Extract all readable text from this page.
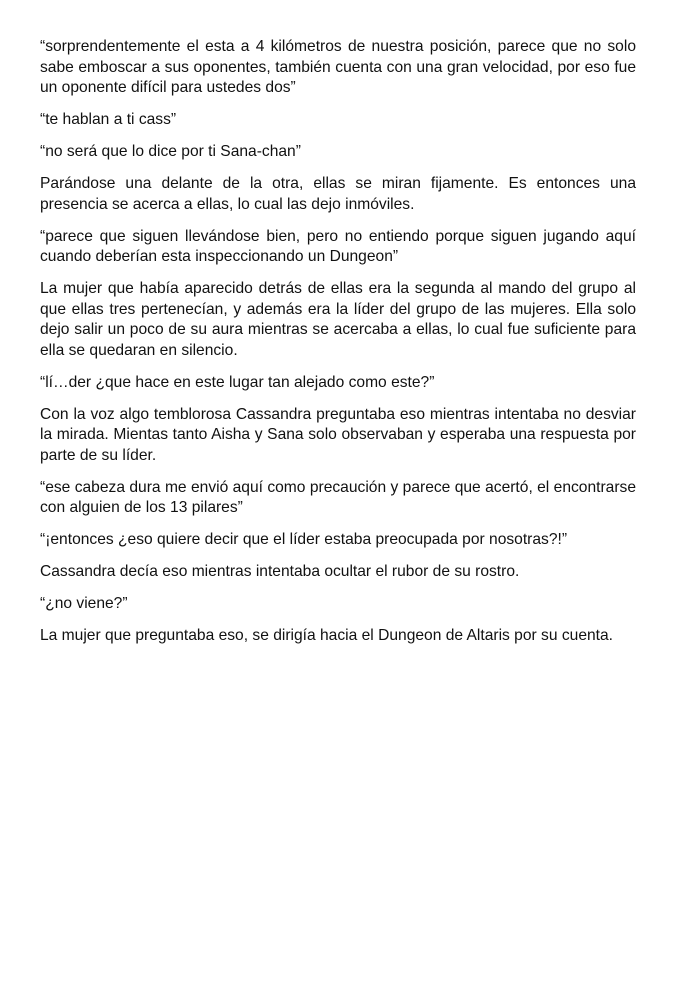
“sorprendentemente el esta a 4 kilómetros de nuestra posición, parece que no solo sabe emboscar a sus oponentes, también cuenta con una gran velocidad, por eso fue un oponente difícil para ustedes dos”

“te hablan a ti cass”

“no será que lo dice por ti Sana-chan”

Parándose una delante de la otra, ellas se miran fijamente. Es entonces una presencia se acerca a ellas, lo cual las dejo inmóviles.

“parece que siguen llevándose bien, pero no entiendo porque siguen jugando aquí cuando deberían esta inspeccionando un Dungeon”

La mujer que había aparecido detrás de ellas era la segunda al mando del grupo al que ellas tres pertenecían, y además era la líder del grupo de las mujeres. Ella solo dejo salir un poco de su aura mientras se acercaba a ellas, lo cual fue suficiente para ella se quedaran en silencio.

“lí…der ¿que hace en este lugar tan alejado como este?”

Con la voz algo temblorosa Cassandra preguntaba eso mientras intentaba no desviar la mirada. Mientas tanto Aisha y Sana solo observaban y esperaba una respuesta por parte de su líder.

“ese cabeza dura me envió aquí como precaución y parece que acertó, el encontrarse con alguien de los 13 pilares”

“¡entonces ¿eso quiere decir que el líder estaba preocupada por nosotras?!”

Cassandra decía eso mientras intentaba ocultar el rubor de su rostro.

“¿no viene?”

La mujer que preguntaba eso, se dirigía hacia el Dungeon de Altaris por su cuenta.
